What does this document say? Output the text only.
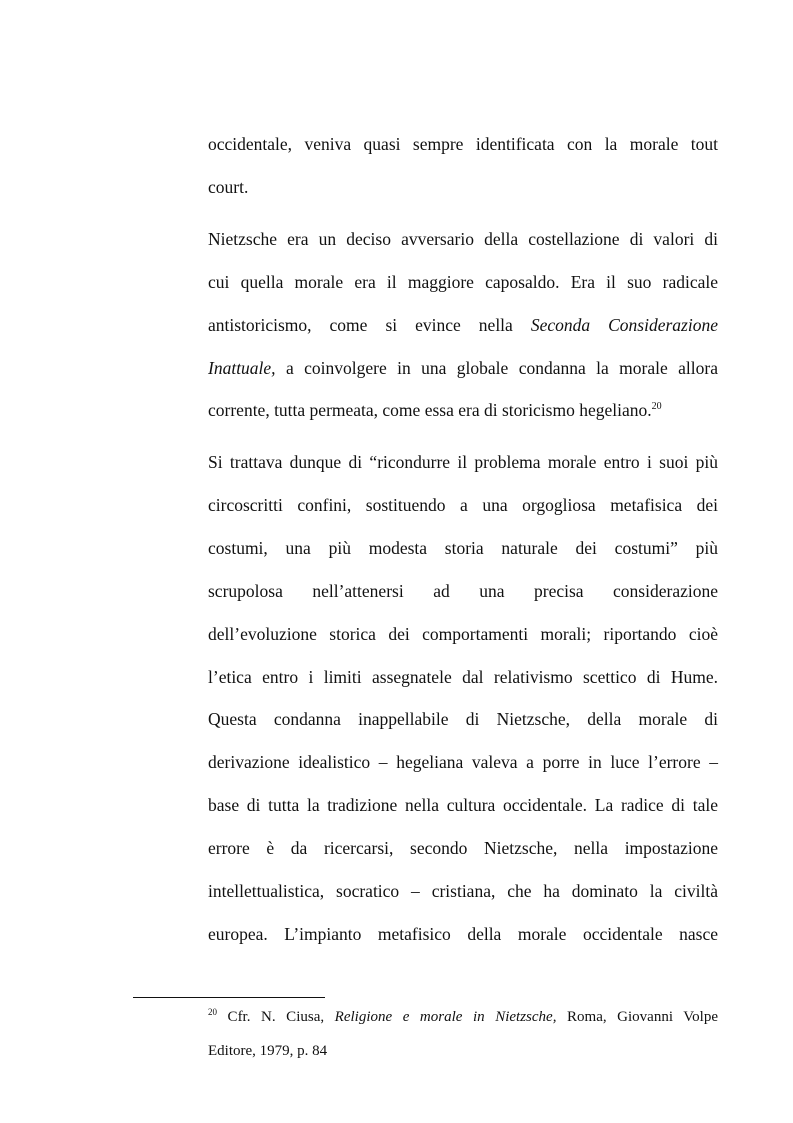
occidentale, veniva quasi sempre identificata con la morale tout
court.
Nietzsche era un deciso avversario della costellazione di valori di
cui quella morale era il maggiore caposaldo. Era il suo radicale
antistoricismo, come si evince nella Seconda Considerazione
Inattuale, a coinvolgere in una globale condanna la morale allora
corrente, tutta permeata, come essa era di storicismo hegeliano.$^{20}$
Si trattava dunque di “ricondurre il problema morale entro i suoi più
circoscritti confini, sostituendo a una orgogliosa metafisica dei
costumi, una più modesta storia naturale dei costumi” più
scrupolosa nell’attenersi ad una precisa considerazione
dell’evoluzione storica dei comportamenti morali; riportando cioè
l’etica entro i limiti assegnatele dal relativismo scettico di Hume.
Questa condanna inappellabile di Nietzsche, della morale di
derivazione idealistico – hegeliana valeva a porre in luce l’errore –
base di tutta la tradizione nella cultura occidentale. La radice di tale
errore è da ricercarsi, secondo Nietzsche, nella impostazione
intellettualistica, socratico – cristiana, che ha dominato la civiltà
europea. L’impianto metafisico della morale occidentale nasce
$^{20}$ Cfr. N. Ciusa, Religione e morale in Nietzsche, Roma, Giovanni Volpe
Editore, 1979, p. 84
